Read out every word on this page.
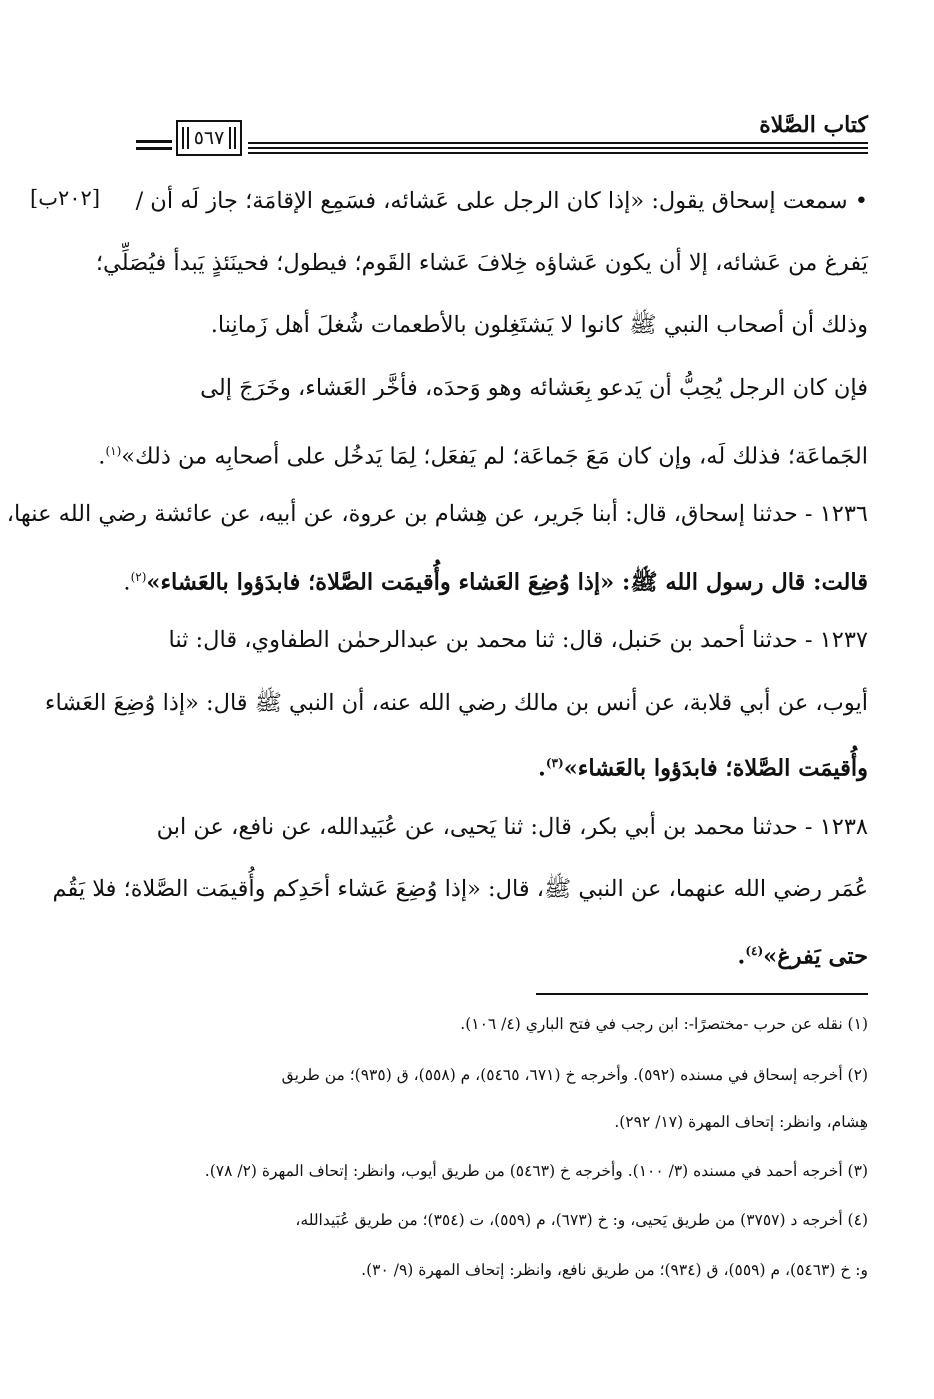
كتاب الصَّلاة
٥٦٧
[٢٠٢ب] • سمعت إسحاق يقول: «إذا كان الرجل على عَشائه، فسَمِع الإقامَة؛ جاز لَه أن /
يَفرغ من عَشائه، إلا أن يكون عَشاؤه خِلافَ عَشاء القَوم؛ فيطول؛ فحينَئذٍ يَبدأ فيُصَلِّي؛
وذلك أن أصحاب النبي ﷺ كانوا لا يَشتَغِلون بالأطعمات شُغلَ أهل زَمانِنا.
فإن كان الرجل يُحِبُّ أن يَدعو بِعَشائه وهو وَحدَه، فأخَّر العَشاء، وخَرَجَ إلى
الجَماعَة؛ فذلك لَه، وإن كان مَعَ جَماعَة؛ لم يَفعَل؛ لِمَا يَدخُل على أصحابِه من ذلك»$^{(١)}$.
١٢٣٦ - حدثنا إسحاق، قال: أبنا جَرير، عن هِشام بن عروة، عن أبيه، عن عائشة رضي الله عنها،
قالت: قال رسول الله ﷺ: «إذا وُضِعَ العَشاء وأُقيمَت الصَّلاة؛ فابدَؤوا بالعَشاء»$^{(٢)}$.
١٢٣٧ - حدثنا أحمد بن حَنبل، قال: ثنا محمد بن عبدالرحمٰن الطفاوي، قال: ثنا
أيوب، عن أبي قلابة، عن أنس بن مالك رضي الله عنه، أن النبي ﷺ قال: «إذا وُضِعَ العَشاء
وأُقيمَت الصَّلاة؛ فابدَؤوا بالعَشاء»$^{(٣)}$.
١٢٣٨ - حدثنا محمد بن أبي بكر، قال: ثنا يَحيى، عن عُبَيدالله، عن نافع، عن ابن
عُمَر رضي الله عنهما، عن النبي ﷺ، قال: «إذا وُضِعَ عَشاء أحَدِكم وأُقيمَت الصَّلاة؛ فلا يَقُم
حتى يَفرغ»$^{(٤)}$.
(١) نقله عن حرب -مختصرًا-: ابن رجب في فتح الباري (٤/ ١٠٦).
(٢) أخرجه إسحاق في مسنده (٥٩٢). وأخرجه خ (٦٧١، ٥٤٦٥)، م (٥٥٨)، ق (٩٣٥)؛ من طريق
هِشام، وانظر: إتحاف المهرة (١٧/ ٢٩٢).
(٣) أخرجه أحمد في مسنده (٣/ ١٠٠). وأخرجه خ (٥٤٦٣) من طريق أيوب، وانظر: إتحاف المهرة (٢/ ٧٨).
(٤) أخرجه د (٣٧٥٧) من طريق يَحيى، و: خ (٦٧٣)، م (٥٥٩)، ت (٣٥٤)؛ من طريق عُبَيدالله،
و: خ (٥٤٦٣)، م (٥٥٩)، ق (٩٣٤)؛ من طريق نافع، وانظر: إتحاف المهرة (٩/ ٣٠).
